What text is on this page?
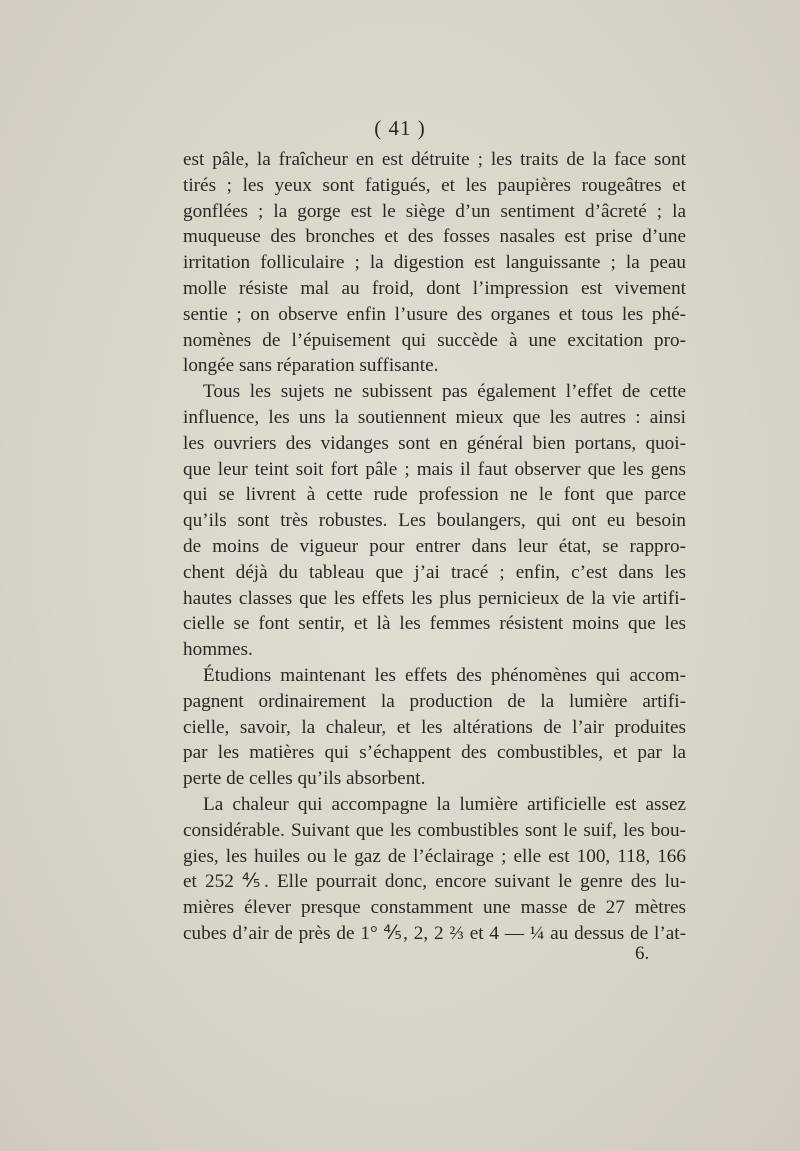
( 41 )
est pâle, la fraîcheur en est détruite ; les traits de la face sont
tirés ; les yeux sont fatigués, et les paupières rougeâtres et
gonflées ; la gorge est le siège d’un sentiment d’âcreté ; la
muqueuse des bronches et des fosses nasales est prise d’une
irritation folliculaire ; la digestion est languissante ; la peau
molle résiste mal au froid, dont l’impression est vivement
sentie ; on observe enfin l’usure des organes et tous les phé-
nomènes de l’épuisement qui succède à une excitation pro-
longée sans réparation suffisante.
Tous les sujets ne subissent pas également l’effet de cette
influence, les uns la soutiennent mieux que les autres : ainsi
les ouvriers des vidanges sont en général bien portans, quoi-
que leur teint soit fort pâle ; mais il faut observer que les gens
qui se livrent à cette rude profession ne le font que parce
qu’ils sont très robustes. Les boulangers, qui ont eu besoin
de moins de vigueur pour entrer dans leur état, se rappro-
chent déjà du tableau que j’ai tracé ; enfin, c’est dans les
hautes classes que les effets les plus pernicieux de la vie artifi-
cielle se font sentir, et là les femmes résistent moins que les
hommes.
Étudions maintenant les effets des phénomènes qui accom-
pagnent ordinairement la production de la lumière artifi-
cielle, savoir, la chaleur, et les altérations de l’air produites
par les matières qui s’échappent des combustibles, et par la
perte de celles qu’ils absorbent.
La chaleur qui accompagne la lumière artificielle est assez
considérable. Suivant que les combustibles sont le suif, les bou-
gies, les huiles ou le gaz de l’éclairage ; elle est 100, 118, 166
et 252 ⅘. Elle pourrait donc, encore suivant le genre des lu-
mières élever presque constamment une masse de 27 mètres
cubes d’air de près de 1° ⅘, 2, 2 ⅔ et 4 — ¼ au dessus de l’at-
6.
